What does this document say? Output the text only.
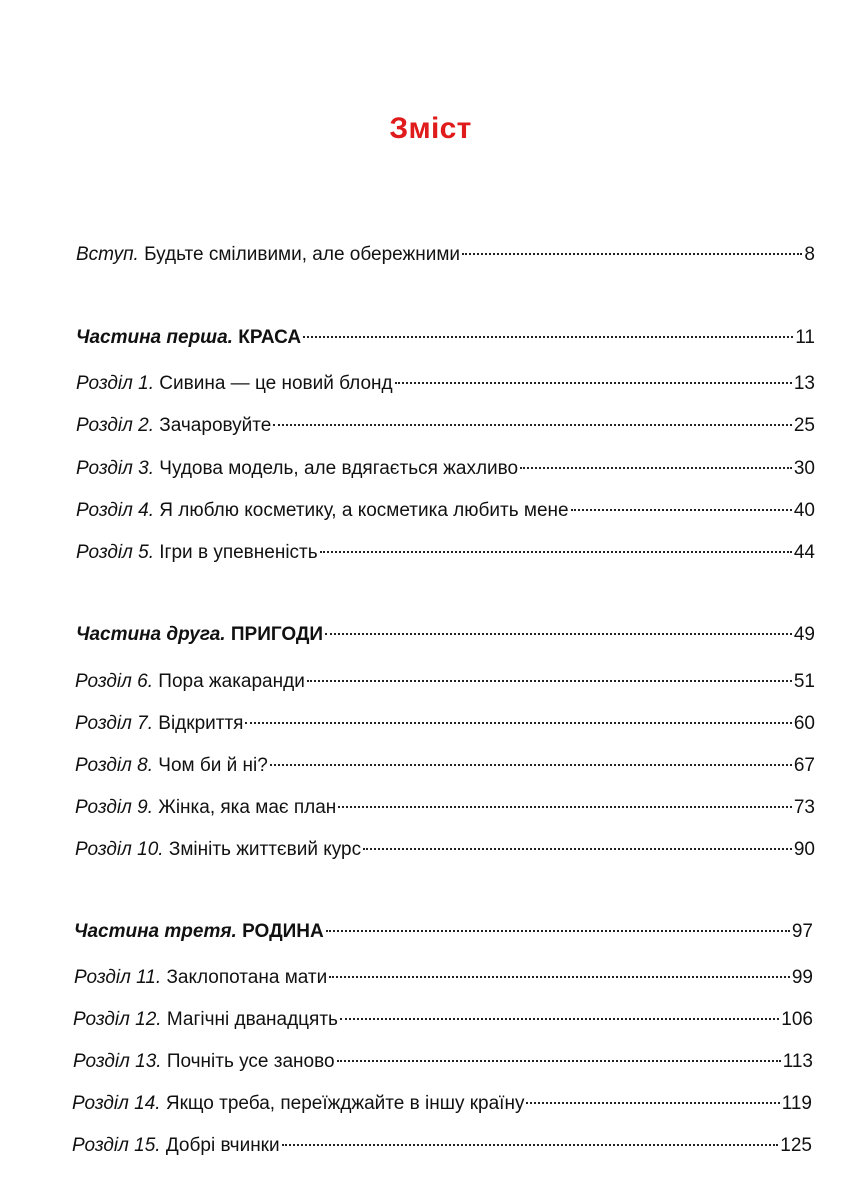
Зміст
Вступ. Будьте сміливими, але обережними	8
Частина перша. КРАСА	11
Розділ 1. Сивина — це новий блонд	13
Розділ 2. Зачаровуйте	25
Розділ 3. Чудова модель, але вдягається жахливо	30
Розділ 4. Я люблю косметику, а косметика любить мене	40
Розділ 5. Ігри в упевненість	44
Частина друга. ПРИГОДИ	49
Розділ 6. Пора жакаранди	51
Розділ 7. Відкриття	60
Розділ 8. Чом би й ні?	67
Розділ 9. Жінка, яка має план	73
Розділ 10. Змініть життєвий курс	90
Частина третя. РОДИНА	97
Розділ 11. Заклопотана мати	99
Розділ 12. Магічні дванадцять	106
Розділ 13. Почніть усе заново	113
Розділ 14. Якщо треба, переїжджайте в іншу країну	119
Розділ 15. Добрі вчинки	125
